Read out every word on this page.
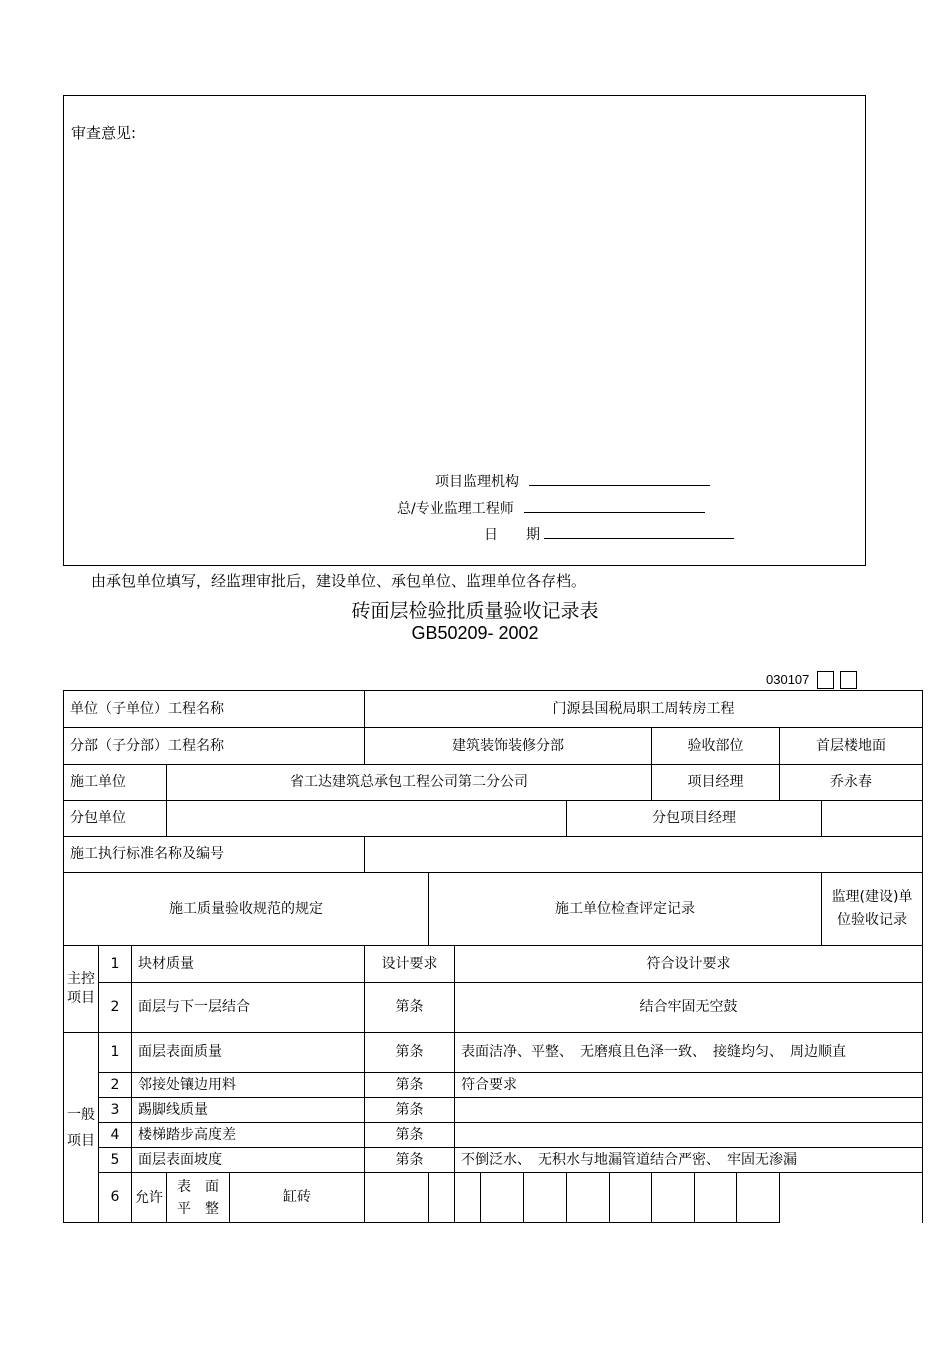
审查意见:
项目监理机构
总/专业监理工程师
日　　期
由承包单位填写，经监理审批后，建设单位、承包单位、监理单位各存档。
砖面层检验批质量验收记录表
GB50209- 2002
030107
单位（子单位）工程名称					门源县国税局职工周转房工程												
分部（子分部）工程名称					建筑装饰装修分部							验收部位			首层楼地面		
施工单位			省工达建筑总承包工程公司第二分公司									项目经理			乔永春		
分包单位										分包项目经理							
施工执行标准名称及编号																	
施工质量验收规范的规定						施工单位检查评定记录										监理(建设)单位验收记录	
主控项目	1	块材质量			设计要求		符合设计要求										
	2	面层与下一层结合			第条		结合牢固无空鼓										
一般项目	1	面层表面质量			第条		表面洁净、平整、　无磨痕且色泽一致、　接缝均匀、　周边顺直										
	2	邻接处镶边用料			第条		符合要求										
	3	踢脚线质量			第条												
	4	楼梯踏步高度差			第条												
	5	面层表面坡度			第条		不倒泛水、　无积水与地漏管道结合严密、　牢固无渗漏										
	6	允许	表　面　平　整	缸砖													
